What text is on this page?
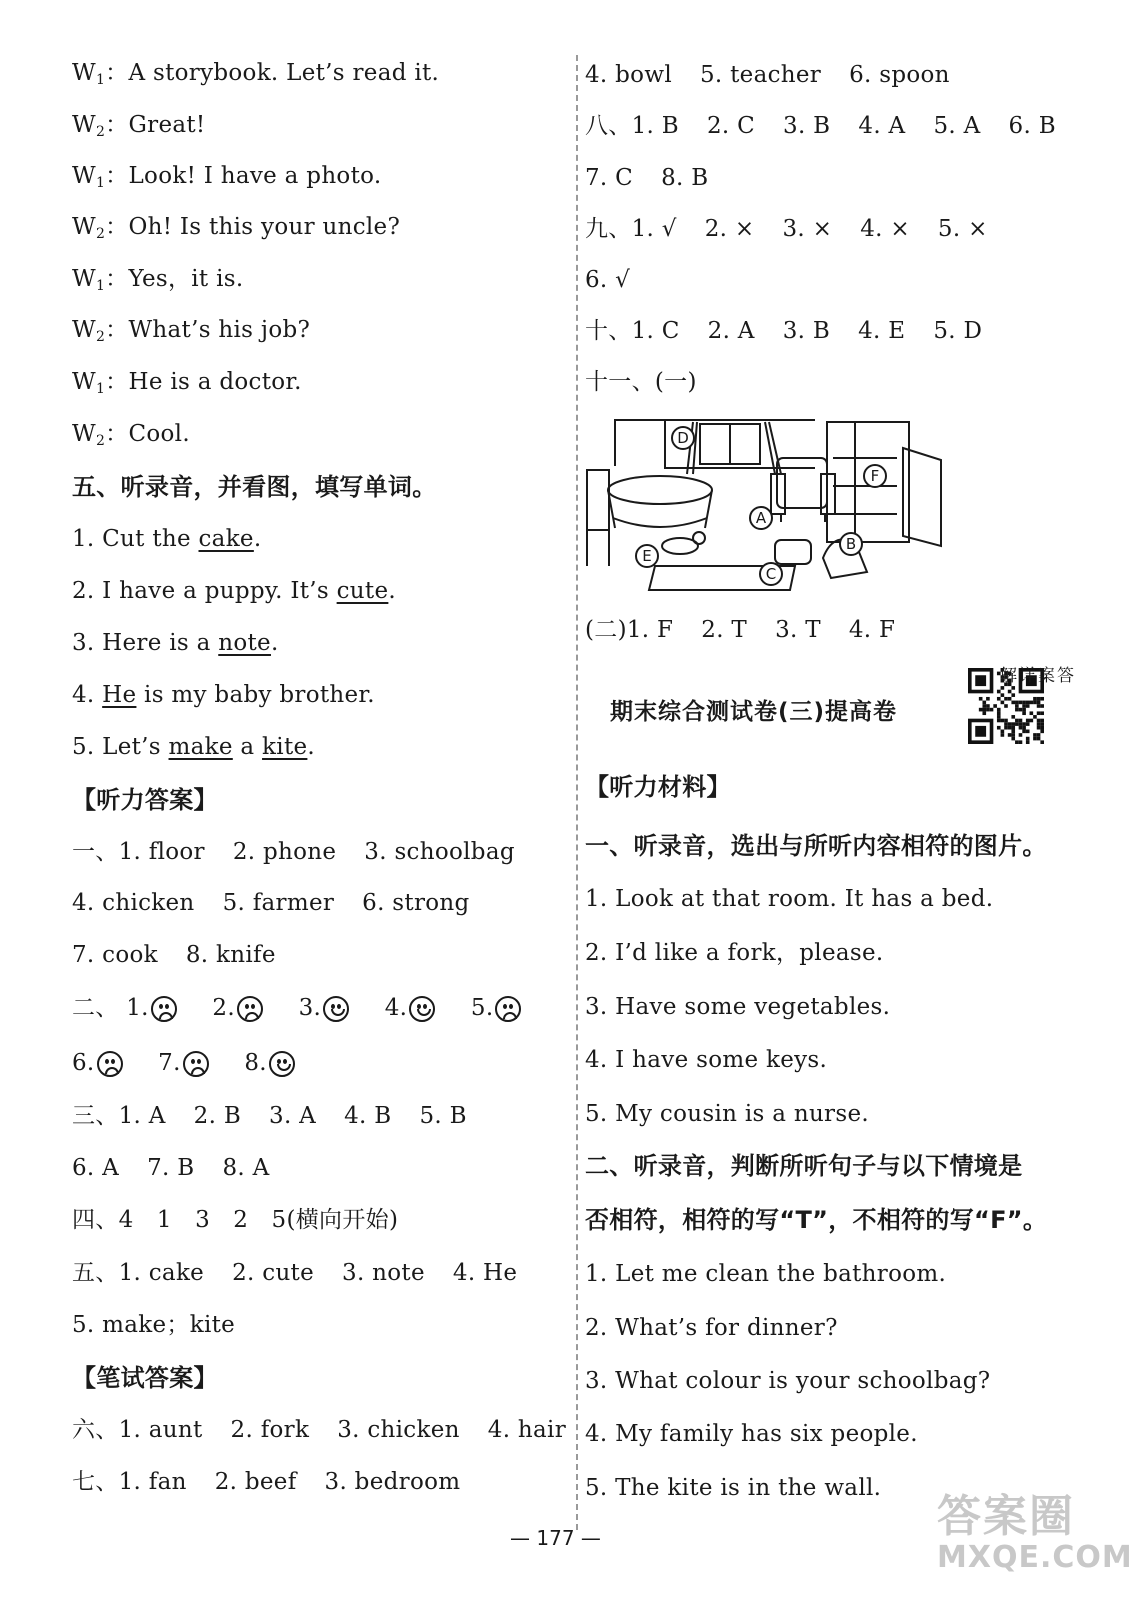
$W_1$：A storybook. Let’s read it.
$W_2$：Great!
$W_1$：Look! I have a photo.
$W_2$：Oh! Is this your uncle?
$W_1$：Yes，it is.
$W_2$：What’s his job?
$W_1$：He is a doctor.
$W_2$：Cool.
五、听录音，并看图，填写单词。
1. Cut the cake.
2. I have a puppy. It’s cute.
3. Here is a note.
4. He is my baby brother.
5. Let’s make a kite.
【听力答案】
一、1. floor 2. phone 3. schoolbag
4. chicken 5. farmer 6. strong
7. cook 8. knife
二、 1.	2.	3.	4.	5.
6.	7.	8.
三、1. A 2. B 3. A 4. B 5. B
6. A 7. B 8. A
四、4　1　3　2　5(横向开始)
五、1. cake 2. cute 3. note 4. He
5. make；kite
【笔试答案】
六、1. aunt 2. fork 3. chicken 4. hair
七、1. fan 2. beef 3. bedroom
4. bowl 5. teacher 6. spoon
八、1. B 2. C 3. B 4. A 5. A 6. B
7. C 8. B
九、1. √ 2. × 3. × 4. × 5. ×
6. √
十、1. C 2. A 3. B 4. E 5. D
十一、(一)
D
F
A
B
C
E
(二)1. F 2. T 3. T 4. F
期末综合测试卷(三)提高卷
答案详解
【听力材料】
一、听录音，选出与所听内容相符的图片。
1. Look at that room. It has a bed.
2. I’d like a fork，please.
3. Have some vegetables.
4. I have some keys.
5. My cousin is a nurse.
二、听录音，判断所听句子与以下情境是
否相符，相符的写“T”，不相符的写“F”。
1. Let me clean the bathroom.
2. What’s for dinner?
3. What colour is your schoolbag?
4. My family has six people.
5. The kite is in the wall.
— 177 —	答案圈
MXQE.COM
